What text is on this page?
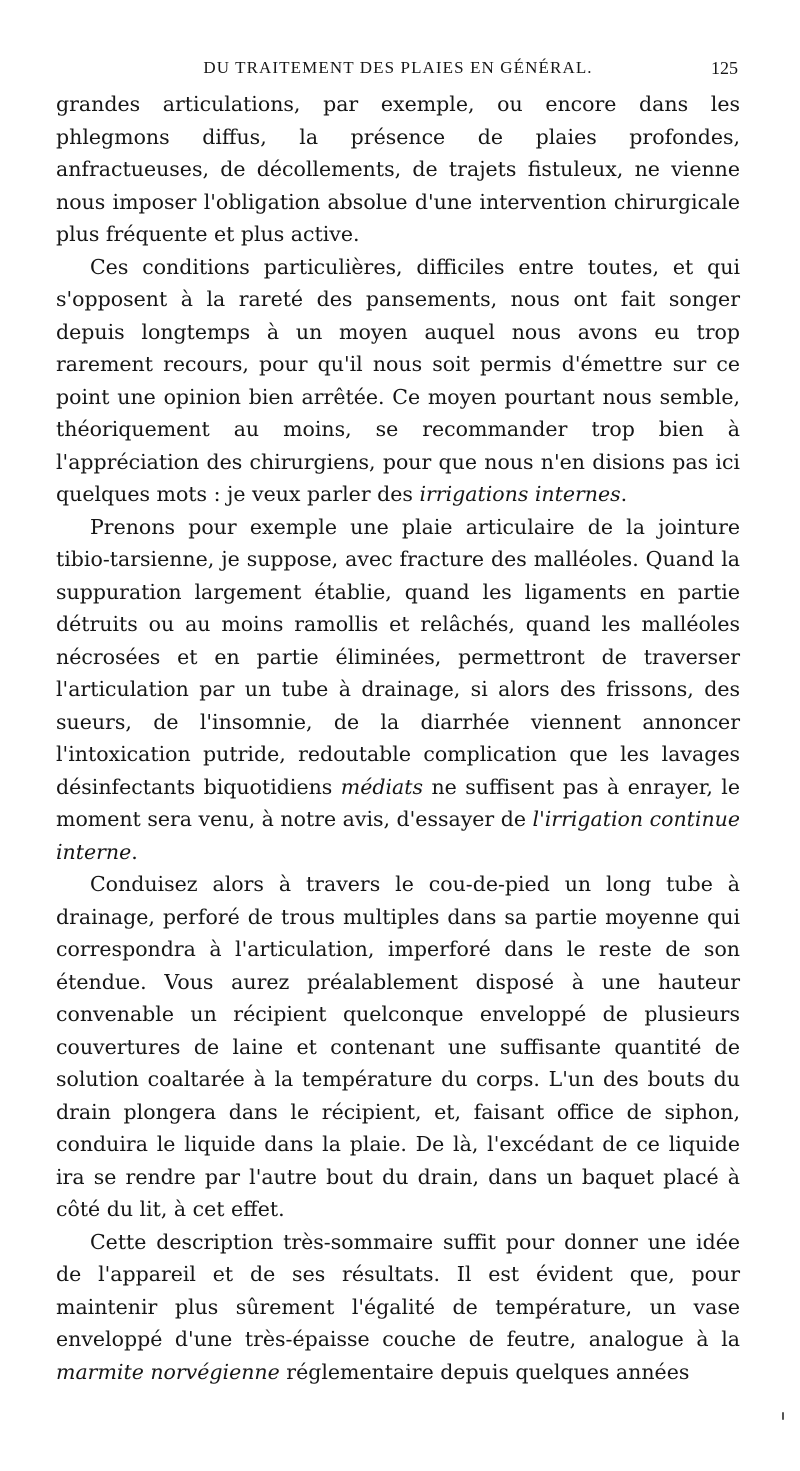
DU TRAITEMENT DES PLAIES EN GÉNÉRAL.	125

grandes articulations, par exemple, ou encore dans les phlegmons diffus, la présence de plaies profondes, anfractueuses, de décollements, de trajets fistuleux, ne vienne nous imposer l'obligation absolue d'une intervention chirurgicale plus fréquente et plus active.

Ces conditions particulières, difficiles entre toutes, et qui s'opposent à la rareté des pansements, nous ont fait songer depuis longtemps à un moyen auquel nous avons eu trop rarement recours, pour qu'il nous soit permis d'émettre sur ce point une opinion bien arrêtée. Ce moyen pourtant nous semble, théoriquement au moins, se recommander trop bien à l'appréciation des chirurgiens, pour que nous n'en disions pas ici quelques mots : je veux parler des irrigations internes.

Prenons pour exemple une plaie articulaire de la jointure tibio-tarsienne, je suppose, avec fracture des malléoles. Quand la suppuration largement établie, quand les ligaments en partie détruits ou au moins ramollis et relâchés, quand les malléoles nécrosées et en partie éliminées, permettront de traverser l'articulation par un tube à drainage, si alors des frissons, des sueurs, de l'insomnie, de la diarrhée viennent annoncer l'intoxication putride, redoutable complication que les lavages désinfectants biquotidiens médiats ne suffisent pas à enrayer, le moment sera venu, à notre avis, d'essayer de l'irrigation continue interne.

Conduisez alors à travers le cou-de-pied un long tube à drainage, perforé de trous multiples dans sa partie moyenne qui correspondra à l'articulation, imperforé dans le reste de son étendue. Vous aurez préalablement disposé à une hauteur convenable un récipient quelconque enveloppé de plusieurs couvertures de laine et contenant une suffisante quantité de solution coaltarée à la température du corps. L'un des bouts du drain plongera dans le récipient, et, faisant office de siphon, conduira le liquide dans la plaie. De là, l'excédant de ce liquide ira se rendre par l'autre bout du drain, dans un baquet placé à côté du lit, à cet effet.

Cette description très-sommaire suffit pour donner une idée de l'appareil et de ses résultats. Il est évident que, pour maintenir plus sûrement l'égalité de température, un vase enveloppé d'une très-épaisse couche de feutre, analogue à la marmite norvégienne réglementaire depuis quelques années
